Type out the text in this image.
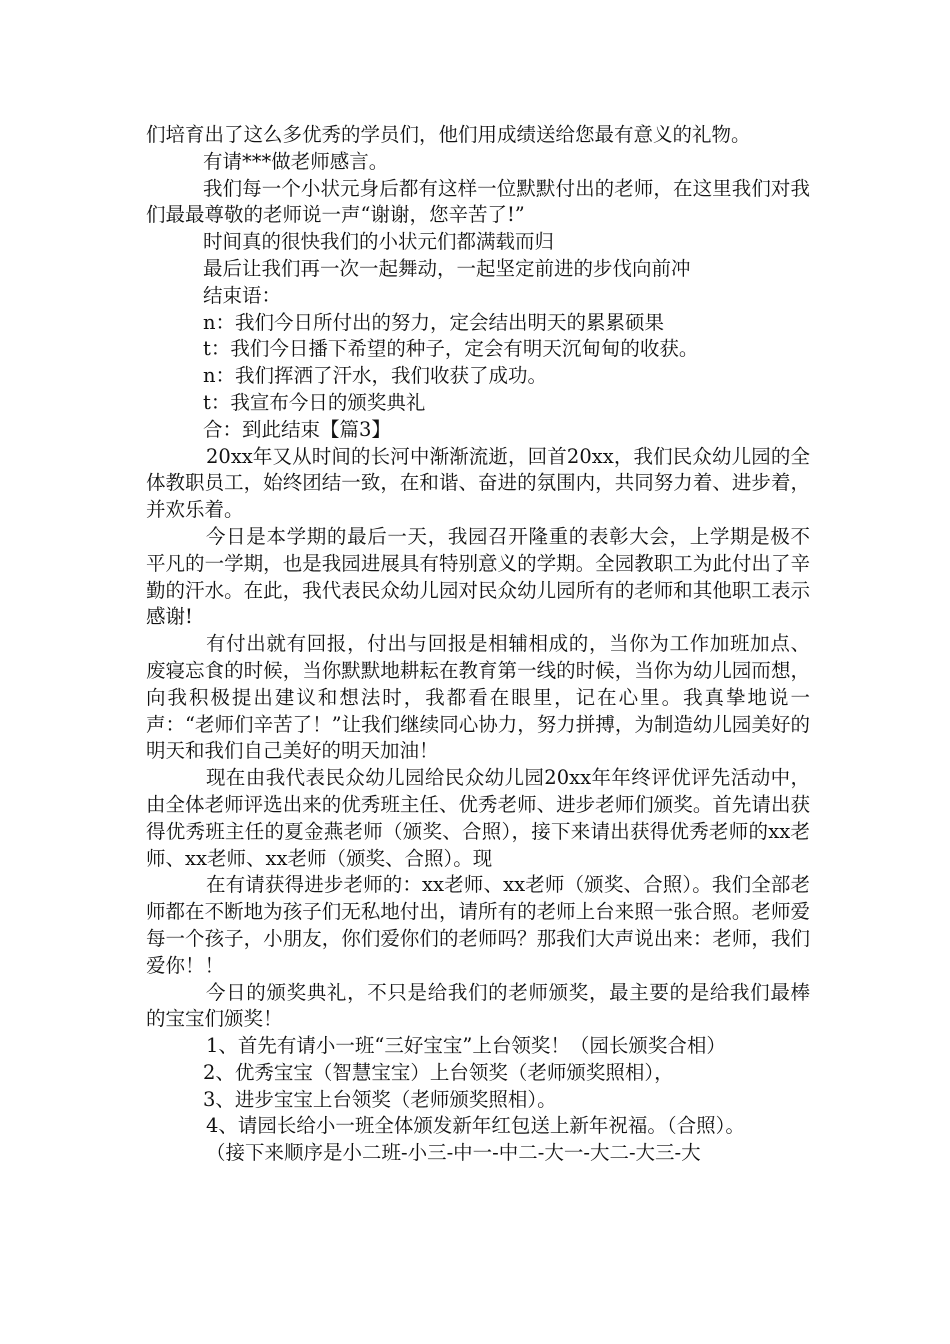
们培育出了这么多优秀的学员们，他们用成绩送给您最有意义的礼物。

有请***做老师感言。

我们每一个小状元身后都有这样一位默默付出的老师，在这里我们对我们最最尊敬的老师说一声“谢谢，您辛苦了!”

时间真的很快我们的小状元们都满载而归

最后让我们再一次一起舞动，一起坚定前进的步伐向前冲

结束语：

n：我们今日所付出的努力，定会结出明天的累累硕果

t：我们今日播下希望的种子，定会有明天沉甸甸的收获。

n：我们挥洒了汗水，我们收获了成功。

t：我宣布今日的颁奖典礼

合：到此结束【篇3】

20xx年又从时间的长河中渐渐流逝，回首20xx，我们民众幼儿园的全体教职员工，始终团结一致，在和谐、奋进的氛围内，共同努力着、进步着，并欢乐着。

今日是本学期的最后一天，我园召开隆重的表彰大会，上学期是极不平凡的一学期，也是我园进展具有特别意义的学期。全园教职工为此付出了辛勤的汗水。在此，我代表民众幼儿园对民众幼儿园所有的老师和其他职工表示感谢!

有付出就有回报，付出与回报是相辅相成的，当你为工作加班加点、废寝忘食的时候，当你默默地耕耘在教育第一线的时候，当你为幼儿园而想，向我积极提出建议和想法时，我都看在眼里，记在心里。我真挚地说一声：“老师们辛苦了！”让我们继续同心协力，努力拼搏，为制造幼儿园美好的明天和我们自己美好的明天加油！

现在由我代表民众幼儿园给民众幼儿园20xx年年终评优评先活动中，由全体老师评选出来的优秀班主任、优秀老师、进步老师们颁奖。首先请出获得优秀班主任的夏金燕老师（颁奖、合照），接下来请出获得优秀老师的xx老师、xx老师、xx老师（颁奖、合照）。现

在有请获得进步老师的：xx老师、xx老师（颁奖、合照）。我们全部老师都在不断地为孩子们无私地付出，请所有的老师上台来照一张合照。老师爱每一个孩子，小朋友，你们爱你们的老师吗？那我们大声说出来：老师，我们爱你！！

今日的颁奖典礼，不只是给我们的老师颁奖，最主要的是给我们最棒的宝宝们颁奖！

1、首先有请小一班“三好宝宝”上台领奖！（园长颁奖合相）

2、优秀宝宝（智慧宝宝）上台领奖（老师颁奖照相），

3、进步宝宝上台领奖（老师颁奖照相）。

4、请园长给小一班全体颁发新年红包送上新年祝福。（合照）。

（接下来顺序是小二班-小三-中一-中二-大一-大二-大三-大
